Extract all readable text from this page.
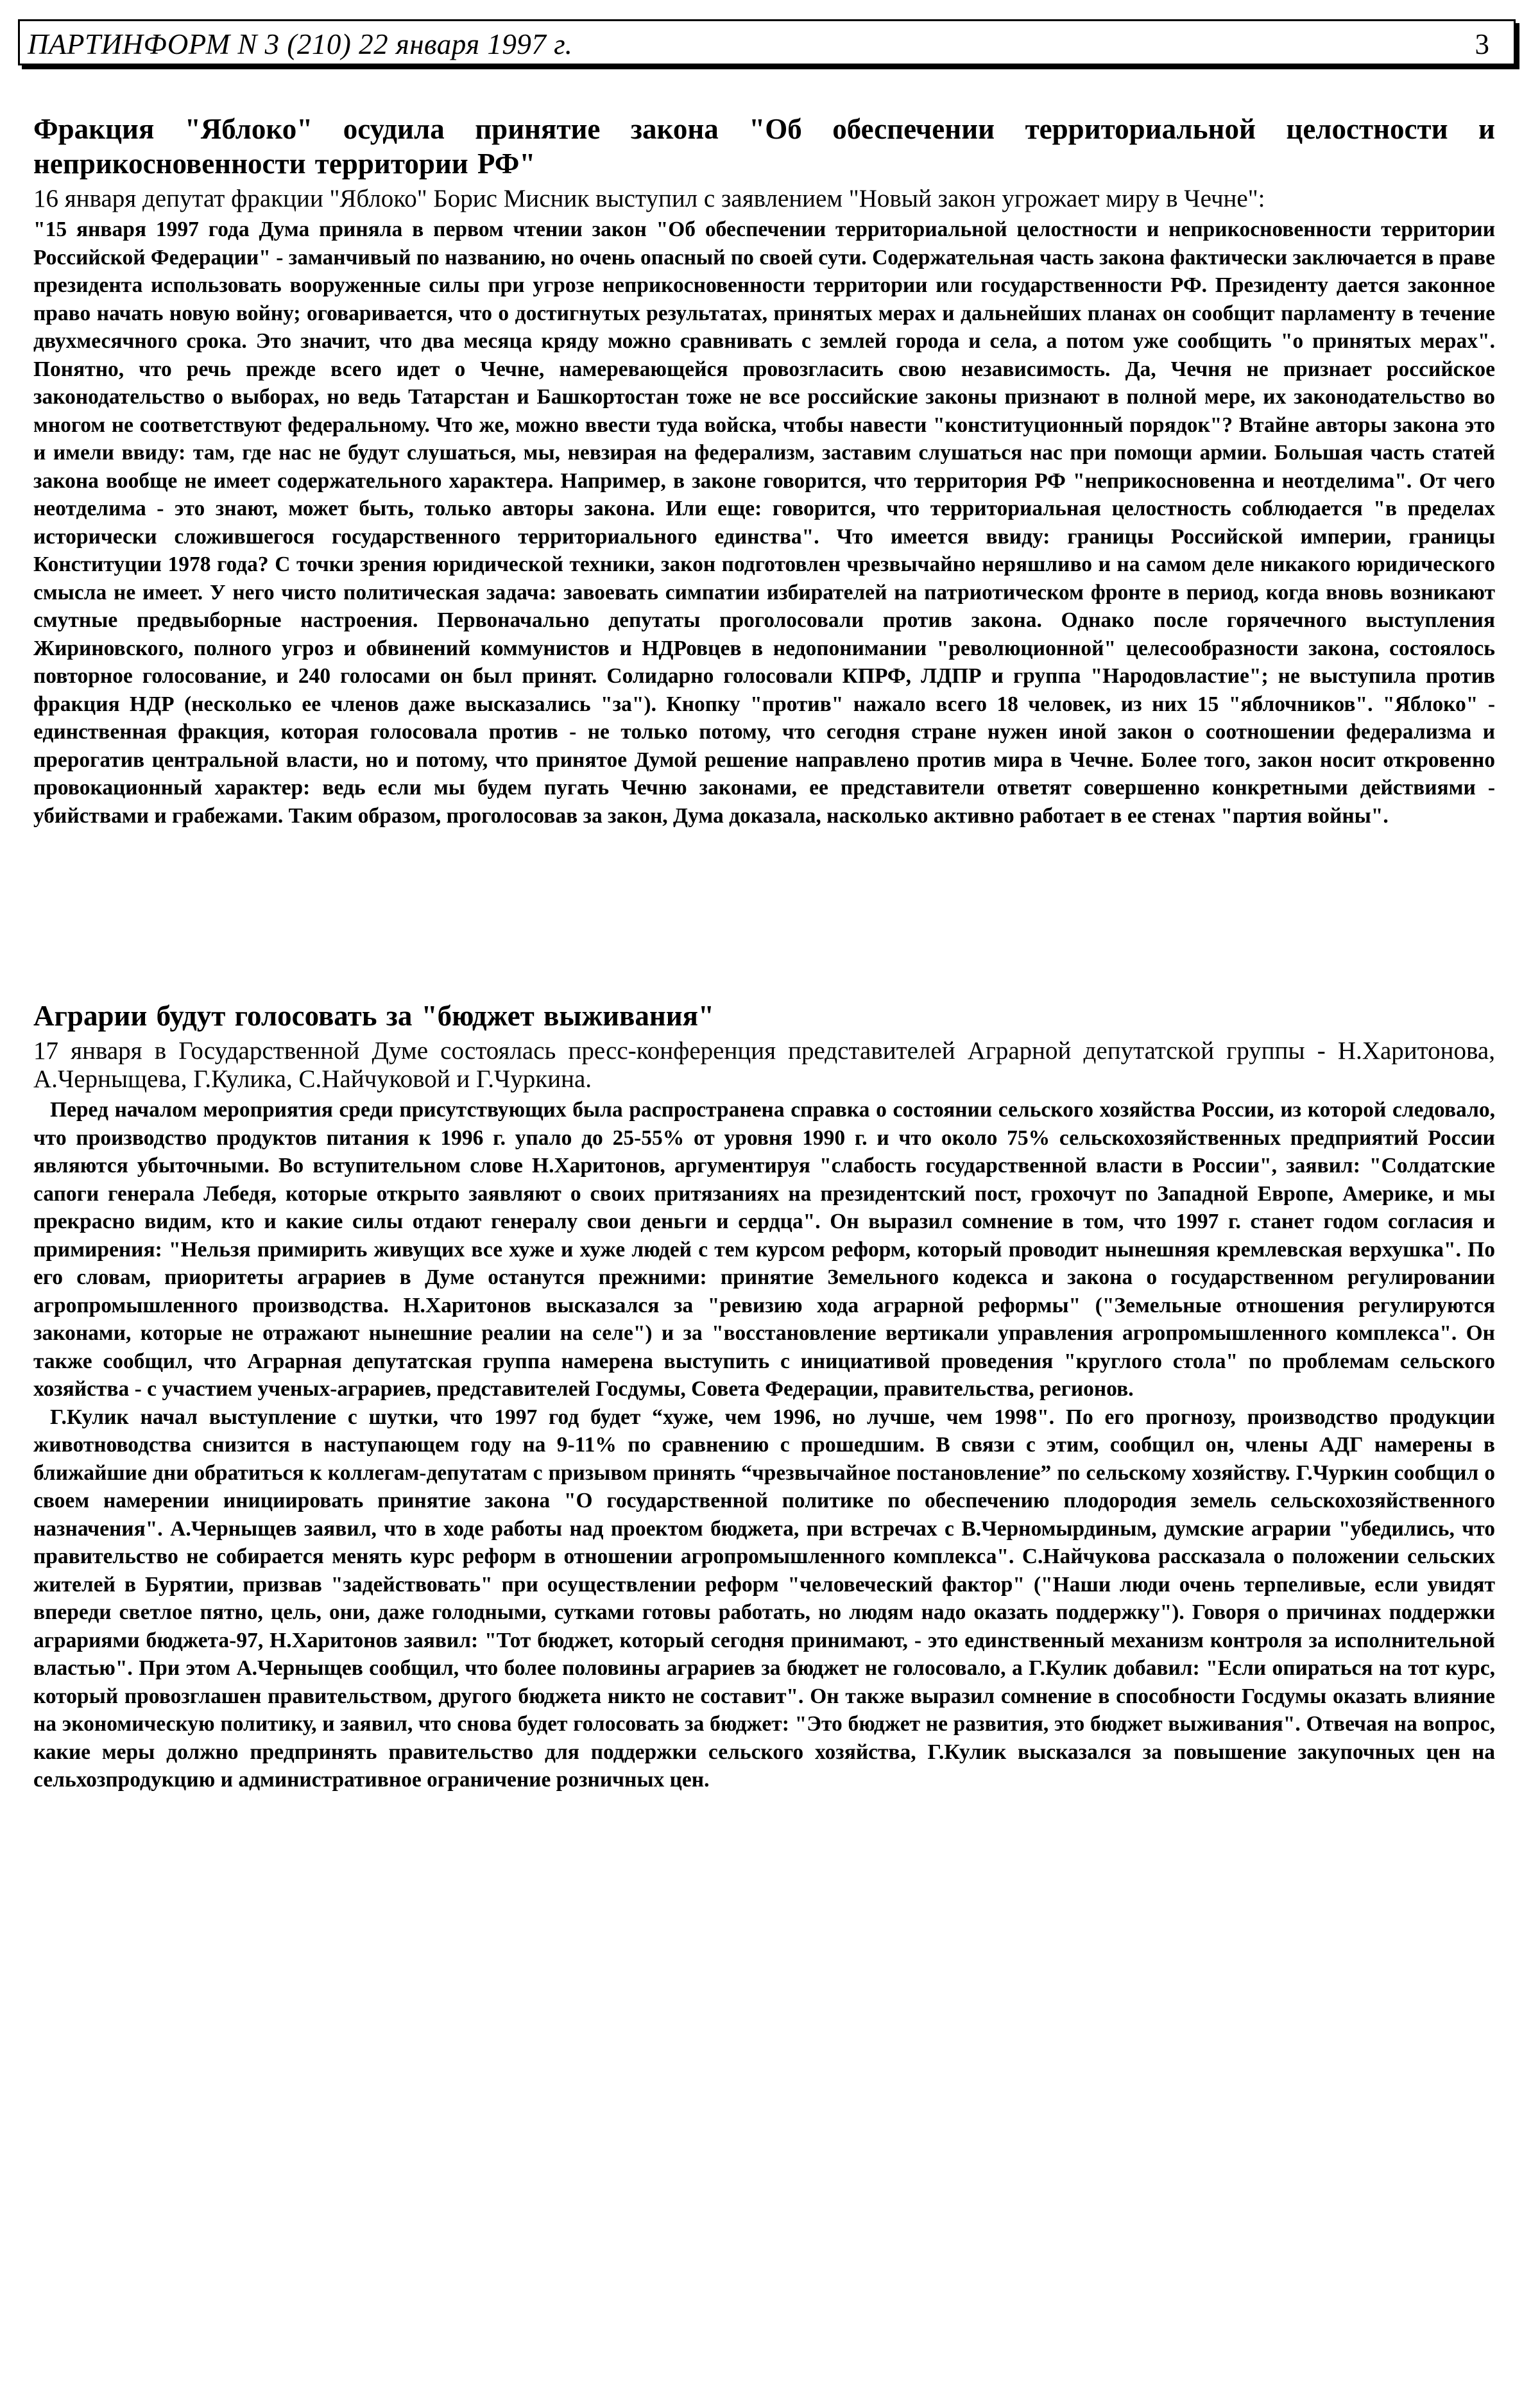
ПАРТИНФОРМ N 3 (210) 22 января 1997 г.	3
Фракция "Яблоко" осудила принятие закона "Об обеспечении территориальной целостности и неприкосновенности территории РФ"

16 января депутат фракции "Яблоко" Борис Мисник выступил с заявлением "Новый закон угрожает миру в Чечне":

"15 января 1997 года Дума приняла в первом чтении закон "Об обеспечении территориальной целостности и неприкосновенности территории Российской Федерации" - заманчивый по названию, но очень опасный по своей сути. Содержательная часть закона фактически заключается в праве президента использовать вооруженные силы при угрозе неприкосновенности территории или государственности РФ. Президенту дается законное право начать новую войну; оговаривается, что о достигнутых результатах, принятых мерах и дальнейших планах он сообщит парламенту в течение двухмесячного срока. Это значит, что два месяца кряду можно сравнивать с землей города и села, а потом уже сообщить "о принятых мерах". Понятно, что речь прежде всего идет о Чечне, намеревающейся провозгласить свою независимость. Да, Чечня не признает российское законодательство о выборах, но ведь Татарстан и Башкортостан тоже не все российские законы признают в полной мере, их законодательство во многом не соответствуют федеральному. Что же, можно ввести туда войска, чтобы навести "конституционный порядок"? Втайне авторы закона это и имели ввиду: там, где нас не будут слушаться, мы, невзирая на федерализм, заставим слушаться нас при помощи армии. Большая часть статей закона вообще не имеет содержательного характера. Например, в законе говорится, что территория РФ "неприкосновенна и неотделима". От чего неотделима - это знают, может быть, только авторы закона. Или еще: говорится, что территориальная целостность соблюдается "в пределах исторически сложившегося государственного территориального единства". Что имеется ввиду: границы Российской империи, границы Конституции 1978 года? С точки зрения юридической техники, закон подготовлен чрезвычайно неряшливо и на самом деле никакого юридического смысла не имеет. У него чисто политическая задача: завоевать симпатии избирателей на патриотическом фронте в период, когда вновь возникают смутные предвыборные настроения. Первоначально депутаты проголосовали против закона. Однако после горячечного выступления Жириновского, полного угроз и обвинений коммунистов и НДРовцев в недопонимании "революционной" целесообразности закона, состоялось повторное голосование, и 240 голосами он был принят. Солидарно голосовали КПРФ, ЛДПР и группа "Народовластие"; не выступила против фракция НДР (несколько ее членов даже высказались "за"). Кнопку "против" нажало всего 18 человек, из них 15 "яблочников". "Яблоко" - единственная фракция, которая голосовала против - не только потому, что сегодня стране нужен иной закон о соотношении федерализма и прерогатив центральной власти, но и потому, что принятое Думой решение направлено против мира в Чечне. Более того, закон носит откровенно провокационный характер: ведь если мы будем пугать Чечню законами, ее представители ответят совершенно конкретными действиями - убийствами и грабежами. Таким образом, проголосовав за закон, Дума доказала, насколько активно работает в ее стенах "партия войны".

Аграрии будут голосовать за "бюджет выживания"

17 января в Государственной Думе состоялась пресс-конференция представителей Аграрной депутатской группы - Н.Харитонова, А.Черныщева, Г.Кулика, С.Найчуковой и Г.Чуркина.

Перед началом мероприятия среди присутствующих была распространена справка о состоянии сельского хозяйства России, из которой следовало, что производство продуктов питания к 1996 г. упало до 25-55% от уровня 1990 г. и что около 75% сельскохозяйственных предприятий России являются убыточными. Во вступительном слове Н.Харитонов, аргументируя "слабость государственной власти в России", заявил: "Солдатские сапоги генерала Лебедя, которые открыто заявляют о своих притязаниях на президентский пост, грохочут по Западной Европе, Америке, и мы прекрасно видим, кто и какие силы отдают генералу свои деньги и сердца". Он выразил сомнение в том, что 1997 г. станет годом согласия и примирения: "Нельзя примирить живущих все хуже и хуже людей с тем курсом реформ, который проводит нынешняя кремлевская верхушка". По его словам, приоритеты аграриев в Думе останутся прежними: принятие Земельного кодекса и закона о государственном регулировании агропромышленного производства. Н.Харитонов высказался за "ревизию хода аграрной реформы" ("Земельные отношения регулируются законами, которые не отражают нынешние реалии на селе") и за "восстановление вертикали управления агропромышленного комплекса". Он также сообщил, что Аграрная депутатская группа намерена выступить с инициативой проведения "круглого стола" по проблемам сельского хозяйства - с участием ученых-аграриев, представителей Госдумы, Совета Федерации, правительства, регионов.

Г.Кулик начал выступление с шутки, что 1997 год будет “хуже, чем 1996, но лучше, чем 1998". По его прогнозу, производство продукции животноводства снизится в наступающем году на 9-11% по сравнению с прошедшим. В связи с этим, сообщил он, члены АДГ намерены в ближайшие дни обратиться к коллегам-депутатам с призывом принять “чрезвычайное постановление” по сельскому хозяйству. Г.Чуркин сообщил о своем намерении инициировать принятие закона "О государственной политике по обеспечению плодородия земель сельскохозяйственного назначения". А.Черныщев заявил, что в ходе работы над проектом бюджета, при встречах с В.Черномырдиным, думские аграрии "убедились, что правительство не собирается менять курс реформ в отношении агропромышленного комплекса". С.Найчукова рассказала о положении сельских жителей в Бурятии, призвав "задействовать" при осуществлении реформ "человеческий фактор" ("Наши люди очень терпеливые, если увидят впереди светлое пятно, цель, они, даже голодными, сутками готовы работать, но людям надо оказать поддержку"). Говоря о причинах поддержки аграриями бюджета-97, Н.Харитонов заявил: "Тот бюджет, который сегодня принимают, - это единственный механизм контроля за исполнительной властью". При этом А.Черныщев сообщил, что более половины аграриев за бюджет не голосовало, а Г.Кулик добавил: "Если опираться на тот курс, который провозглашен правительством, другого бюджета никто не составит". Он также выразил сомнение в способности Госдумы оказать влияние на экономическую политику, и заявил, что снова будет голосовать за бюджет: "Это бюджет не развития, это бюджет выживания". Отвечая на вопрос, какие меры должно предпринять правительство для поддержки сельского хозяйства, Г.Кулик высказался за повышение закупочных цен на сельхозпродукцию и административное ограничение розничных цен.
